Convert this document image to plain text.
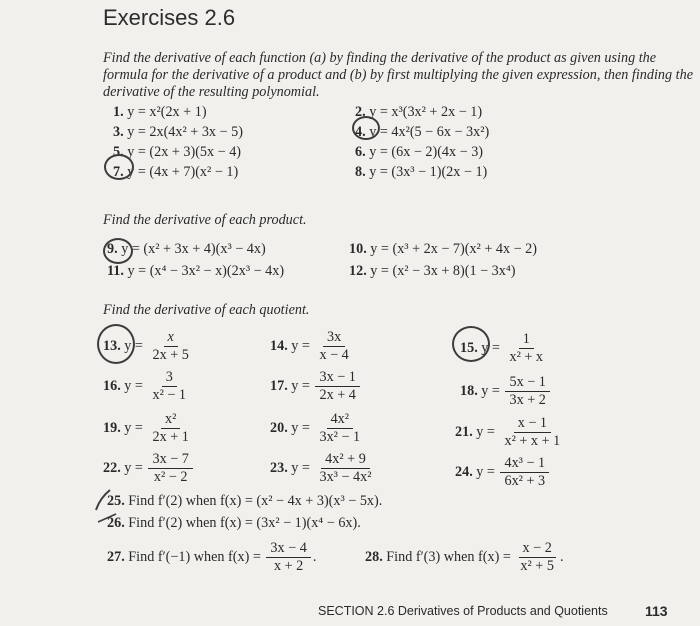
Exercises 2.6
Find the derivative of each function (a) by finding the derivative of the product as given using the formula for the derivative of a product and (b) by first multiplying the given expression, then finding the derivative of the resulting polynomial.
1. y = x²(2x + 1)	2. y = x³(3x² + 2x − 1)
3. y = 2x(4x² + 3x − 5)	4. y = 4x²(5 − 6x − 3x²)
5. y = (2x + 3)(5x − 4)	6. y = (6x − 2)(4x − 3)
7. y = (4x + 7)(x² − 1)	8. y = (3x³ − 1)(2x − 1)
Find the derivative of each product.
9. y = (x² + 3x + 4)(x³ − 4x)	10. y = (x³ + 2x − 7)(x² + 4x − 2)
11. y = (x⁴ − 3x² − x)(2x³ − 4x)	12. y = (x² − 3x + 8)(1 − 3x⁴)
Find the derivative of each quotient.
13. $y = \frac{x}{2x + 5}$	14. $y = \frac{3x}{x - 4}$	15. $y = \frac{1}{\text{x² + x}}$
16. $y = \frac{3}{\text{x² − 1}}$	17. $y = \frac{3x - 1}{2x + 4}$	18. $y = \frac{5x - 1}{3x + 2}$
19. $y = \frac{\text{x²}}{2x + 1}$	20. $y = \frac{\text{4x²}}{\text{3x² − 1}}$	21. $y = \frac{x - 1}{\text{x² + x + 1}}$
22. $y = \frac{3x - 7}{\text{x² − 2}}$	23. $y = \frac{\text{4x² + 9}}{\text{3x³ − 4x²}}$	24. $y = \frac{\text{4x³ − 1}}{\text{6x² + 3}}$
25. Find f′(2) when f(x) = (x² − 4x + 3)(x³ − 5x).
26. Find f′(2) when f(x) = (3x² − 1)(x⁴ − 6x).
27. Find f′(−1) when $f(x) = \frac{3x - 4}{x + 2}$ .	28. Find f′(3) when $f(x) = \frac{x - 2}{\text{x² + 5}}$ .
SECTION 2.6 Derivatives of Products and Quotients	113
